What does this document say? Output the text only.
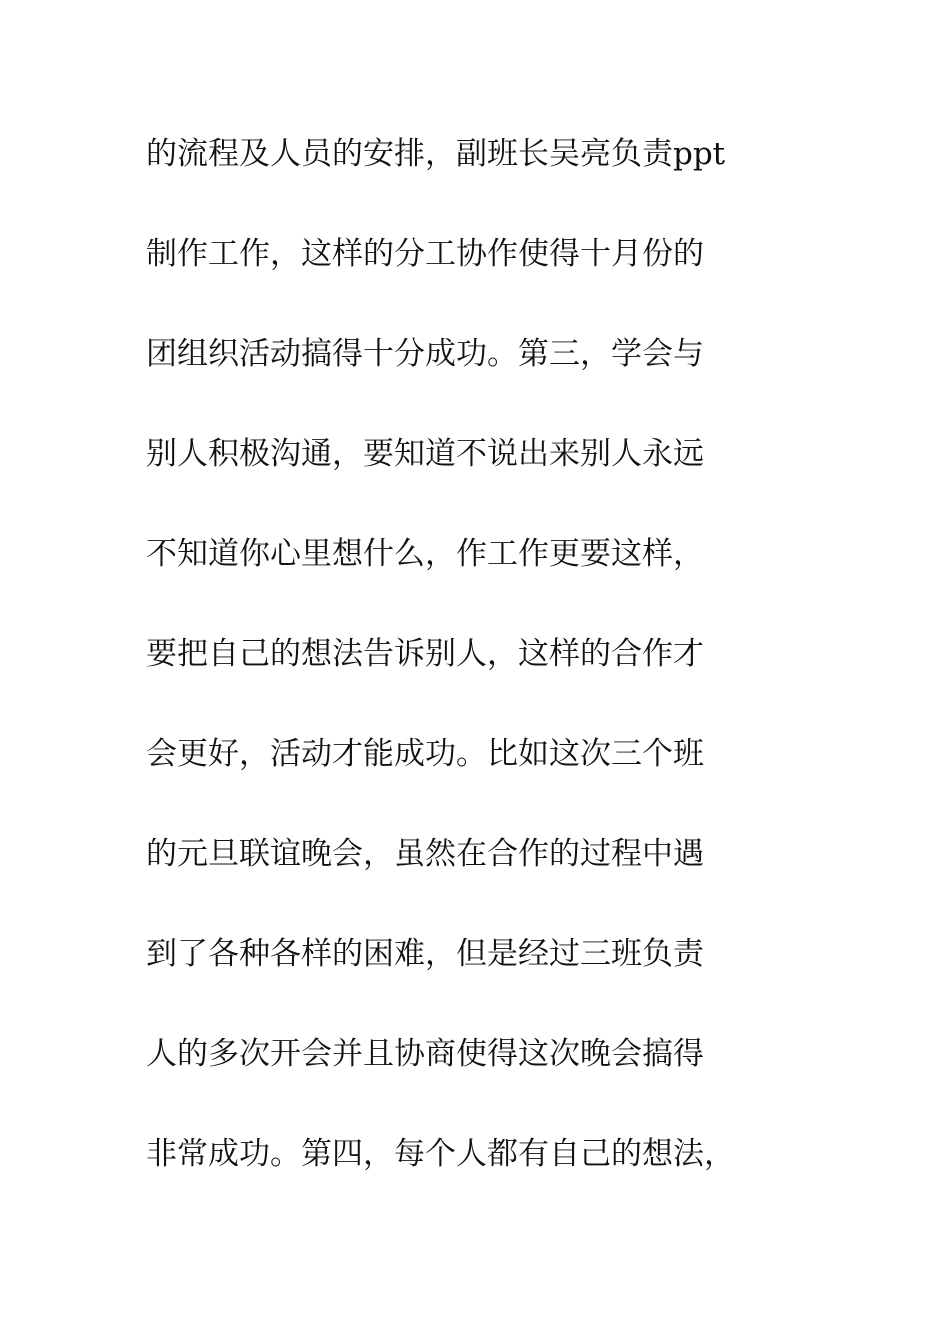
的流程及人员的安排，副班长吴亮负责ppt
制作工作，这样的分工协作使得十月份的
团组织活动搞得十分成功。第三，学会与
别人积极沟通，要知道不说出来别人永远
不知道你心里想什么，作工作更要这样，
要把自己的想法告诉别人，这样的合作才
会更好，活动才能成功。比如这次三个班
的元旦联谊晚会，虽然在合作的过程中遇
到了各种各样的困难，但是经过三班负责
人的多次开会并且协商使得这次晚会搞得
非常成功。第四，每个人都有自己的想法，
